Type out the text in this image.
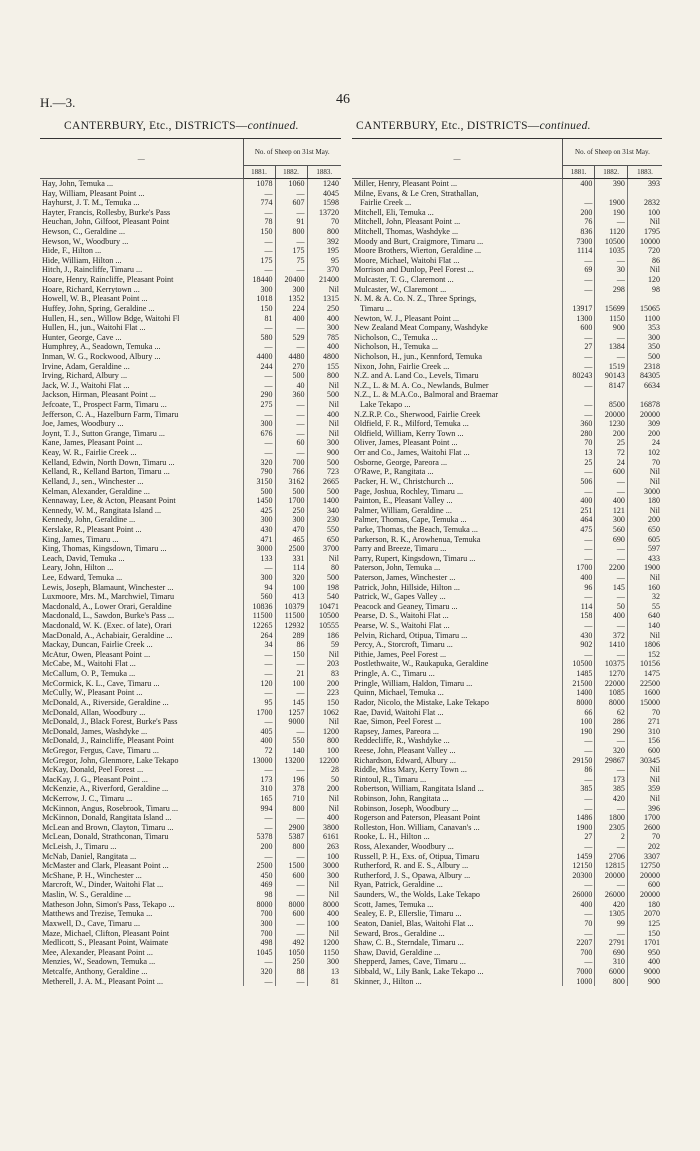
H.—3.	46
CANTERBURY, Etc., DISTRICTS—continued.	CANTERBURY, Etc., DISTRICTS—continued.
—	No. of Sheep on 31st May.		
	1881.	1882.	1883.
Hay, John, Temuka ...	1078	1060	1240
Hay, William, Pleasant Point ...	—	—	4045
Hayhurst, J. T. M., Temuka ...	774	607	1598
Hayter, Francis, Rollesby, Burke's Pass	—	—	13720
Heuchan, John, Gilfoot, Pleasant Point	78	91	70
Hewson, C., Geraldine ...	150	800	800
Hewson, W., Woodbury ...	—	—	392
Hide, F., Hilton ...	—	175	195
Hide, William, Hilton ...	175	75	95
Hitch, J., Raincliffe, Timaru ...	—	—	370
Hoare, Henry, Raincliffe, Pleasant Point	18440	20400	21400
Hoare, Richard, Kerrytown ...	300	300	Nil
Howell, W. B., Pleasant Point ...	1018	1352	1315
Huffey, John, Spring, Geraldine ...	150	224	250
Hullen, H., sen., Willow Bdge, Waitohi Fl	81	400	400
Hullen, H., jun., Waitohi Flat ...	—	—	300
Hunter, George, Cave ...	580	529	785
Humphrey, A., Seadown, Temuka ...	—	—	400
Inman, W. G., Rockwood, Albury ...	4400	4480	4800
Irvine, Adam, Geraldine ...	244	270	155
Irving, Richard, Albury ...	—	500	800
Jack, W. J., Waitohi Flat ...	—	40	Nil
Jackson, Hirman, Pleasant Point ...	290	360	500
Jefcoate, T., Prospect Farm, Timaru ...	275	—	Nil
Jefferson, C. A., Hazelburn Farm, Timaru	—	—	400
Joe, James, Woodbury ...	300	—	Nil
Joynt, T. J., Sutton Grange, Timaru ...	676	—	Nil
Kane, James, Pleasant Point ...	—	60	300
Keay, W. R., Fairlie Creek ...	—	—	900
Kelland, Edwin, North Down, Timaru ...	320	700	500
Kelland, R., Kelland Barton, Timaru ...	790	766	723
Kelland, J., sen., Winchester ...	3150	3162	2665
Kelman, Alexander, Geraldine ...	500	500	500
Kennaway, Lee, & Acton, Pleasant Point	1450	1700	1400
Kennedy, W. M., Rangitata Island ...	425	250	340
Kennedy, John, Geraldine ...	300	300	230
Kerslake, R., Pleasant Point ...	430	470	550
King, James, Timaru ...	471	465	650
King, Thomas, Kingsdown, Timaru ...	3000	2500	3700
Leach, David, Temuka ...	133	331	Nil
Leary, John, Hilton ...	—	114	80
Lee, Edward, Temuka ...	300	320	500
Lewis, Joseph, Blamaunt, Winchester ...	94	100	198
Luxmoore, Mrs. M., Marchwiel, Timaru	560	413	540
Macdonald, A., Lower Orari, Geraldine	10836	10379	10471
Macdonald, L., Sawdon, Burke's Pass ...	11500	11500	10500
Macdonald, W. K. (Exec. of late), Orari	12265	12932	10555
MacDonald, A., Achabiair, Geraldine ...	264	289	186
Mackay, Duncan, Fairlie Creek ...	34	86	59
McAtur, Owen, Pleasant Point ...	—	150	Nil
McCabe, M., Waitohi Flat ...	—	—	203
McCallum, O. P., Temuka ...	—	21	83
McCormick, K. L., Cave, Timaru ...	120	100	200
McCully, W., Pleasant Point ...	—	—	223
McDonald, A., Riverside, Geraldine ...	95	145	150
McDonald, Allan, Woodbury ...	1700	1257	1062
McDonald, J., Black Forest, Burke's Pass	—	9000	Nil
McDonald, James, Washdyke ...	405	—	1200
McDonald, J., Raincliffe, Pleasant Point	400	550	800
McGregor, Fergus, Cave, Timaru ...	72	140	100
McGregor, John, Glenmore, Lake Tekapo	13000	13200	12200
McKay, Donald, Peel Forest ...	—	—	28
MacKay, J. G., Pleasant Point ...	173	196	50
McKenzie, A., Riverford, Geraldine ...	310	378	200
McKerrow, J. C., Timaru ...	165	710	Nil
McKinnon, Angus, Rosebrook, Timaru ...	994	800	Nil
McKinnon, Donald, Rangitata Island ...	—	—	400
McLean and Brown, Clayton, Timaru ...	—	2900	3800
McLean, Donald, Strathconan, Timaru	5378	5387	6161
McLeish, J., Timaru ...	200	800	263
McNab, Daniel, Rangitata ...	—	—	100
McMaster and Clark, Pleasant Point ...	2500	1500	3000
McShane, P. H., Winchester ...	450	600	300
Marcroft, W., Dinder, Waitohi Flat ...	469	—	Nil
Maslin, W. S., Geraldine ...	98	—	Nil
Matheson John, Simon's Pass, Tekapo ...	8000	8000	8000
Matthews and Trezise, Temuka ...	700	600	400
Maxwell, D., Cave, Timaru ...	300	—	100
Maze, Michael, Clifton, Pleasant Point	700	—	Nil
Medlicott, S., Pleasant Point, Waimate	498	492	1200
Mee, Alexander, Pleasant Point ...	1045	1050	1150
Menzies, W., Seadown, Temuka ...	—	250	300
Metcalfe, Anthony, Geraldine ...	320	88	13
Metherell, J. A. M., Pleasant Point ...	—	—	81
—	No. of Sheep on 31st May.		
	1881.	1882.	1883.
Miller, Henry, Pleasant Point ...	400	390	393
Milne, Evans, & Le Cren, Strathallan,			
Fairlie Creek ...	—	1900	2832
Mitchell, Eli, Temuka ...	200	190	100
Mitchell, John, Pleasant Point ...	76	—	Nil
Mitchell, Thomas, Washdyke ...	836	1120	1795
Moody and Burt, Craigmore, Timaru ...	7300	10500	10000
Moore Brothers, Wierton, Geraldine ...	1114	1035	720
Moore, Michael, Waitohi Flat ...	—	—	86
Morrison and Dunlop, Peel Forest ...	69	30	Nil
Mulcaster, T. G., Claremont ...	—	—	120
Mulcaster, W., Claremont ...	—	298	98
N. M. & A. Co. N. Z., Three Springs,			
Timaru ...	13917	15699	15065
Newton, W. J., Pleasant Point ...	1300	1150	1100
New Zealand Meat Company, Washdyke	600	900	353
Nicholson, C., Temuka ...	—	—	300
Nicholson, H., Temuka ...	27	1384	350
Nicholson, H., jun., Kennford, Temuka	—	—	500
Nixon, John, Fairlie Creek ...	—	1519	2318
N.Z. and A. Land Co., Levels, Timaru	80243	90143	84305
N.Z., L. & M. A. Co., Newlands, Bulmer	—	8147	6634
N.Z., L. & M.A.Co., Balmoral and Braemar			
Lake Tekapo ...	—	8500	16878
N.Z.R.P. Co., Sherwood, Fairlie Creek	—	20000	20000
Oldfield, F. R., Milford, Temuka ...	360	1230	309
Oldfield, William, Kerry Town ...	280	200	200
Oliver, James, Pleasant Point ...	70	25	24
Orr and Co., James, Waitohi Flat ...	13	72	102
Osborne, George, Pareora ...	25	24	70
O'Rawe, P., Rangitata ...	—	600	Nil
Packer, H. W., Christchurch ...	506	—	Nil
Page, Joshua, Rochley, Timaru ...	—	—	3000
Painton, E., Pleasant Valley ...	400	400	180
Palmer, William, Geraldine ...	251	121	Nil
Palmer, Thomas, Cape, Temuka ...	464	300	200
Parke, Thomas, the Beach, Temuka ...	475	560	650
Parkerson, R. K., Arowhenua, Temuka	—	690	605
Parry and Breeze, Timaru ...	—	—	597
Parry, Rupert, Kingsdown, Timaru ...	—	—	433
Paterson, John, Temuka ...	1700	2200	1900
Paterson, James, Winchester ...	400	—	Nil
Patrick, John, Hillside, Hilton ...	96	145	160
Patrick, W., Gapes Valley ...	—	—	32
Peacock and Geaney, Timaru ...	114	50	55
Pearse, D. S., Waitohi Flat ...	158	400	640
Pearse, W. S., Waitohi Flat ...	—	—	140
Pelvin, Richard, Otipua, Timaru ...	430	372	Nil
Percy, A., Storcroft, Timaru ...	902	1410	1806
Pithie, James, Peel Forest ...	—	—	152
Postlethwaite, W., Raukapuka, Geraldine	10500	10375	10156
Pringle, A. C., Timaru ...	1485	1270	1475
Pringle, William, Haldon, Timaru ...	21500	22000	22500
Quinn, Michael, Temuka ...	1400	1085	1600
Rador, Nicolo, the Mistake, Lake Tekapo	8000	8000	15000
Rae, David, Waitohi Flat ...	66	62	70
Rae, Simon, Peel Forest ...	100	286	271
Rapsey, James, Pareora ...	190	290	310
Reddecliffe, R., Washdyke ...	—	—	156
Reese, John, Pleasant Valley ...	—	320	600
Richardson, Edward, Albury ...	29150	29867	30345
Riddle, Miss Mary, Kerry Town ...	86	—	Nil
Rintoul, R., Timaru ...	—	173	Nil
Robertson, William, Rangitata Island ...	385	385	359
Robinson, John, Rangitata ...	—	420	Nil
Robinson, Joseph, Woodbury ...	—	—	396
Rogerson and Paterson, Pleasant Point	1486	1800	1700
Rolleston, Hon. William, Canavan's ...	1900	2305	2600
Rooke, L. H., Hilton ...	27	2	70
Ross, Alexander, Woodbury ...	—	—	202
Russell, P. H., Exs. of, Otipua, Timaru	1459	2706	3307
Rutherford, R. and E. S., Albury ...	12150	12815	12750
Rutherford, J. S., Opawa, Albury ...	20300	20000	20000
Ryan, Patrick, Geraldine ...	—	—	600
Saunders, W., the Wolds, Lake Tekapo	26000	26000	20000
Scott, James, Temuka ...	400	420	180
Sealey, E. P., Ellerslie, Timaru ...	—	1305	2070
Seaton, Daniel, Blas, Waitohi Flat ...	70	99	125
Seward, Bros., Geraldine ...	—	—	150
Shaw, C. B., Sterndale, Timaru ...	2207	2791	1701
Shaw, David, Geraldine ...	700	690	950
Shepperd, James, Cave, Timaru ...	—	310	400
Sibbald, W., Lily Bank, Lake Tekapo ...	7000	6000	9000
Skinner, J., Hilton ...	1000	800	900
